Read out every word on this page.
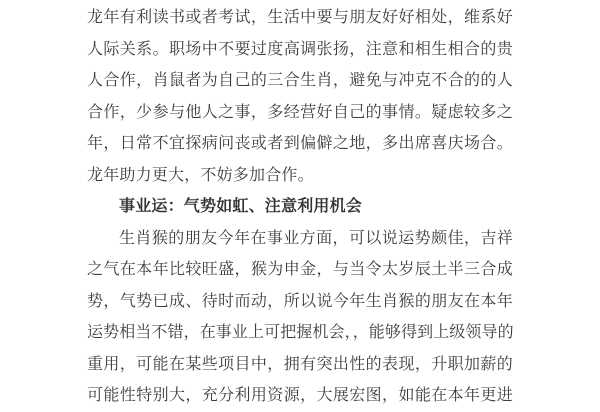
龙年有利读书或者考试，生活中要与朋友好好相处，维系好
人际关系。职场中不要过度高调张扬，注意和相生相合的贵
人合作，肖鼠者为自己的三合生肖，避免与冲克不合的的人
合作，少参与他人之事，多经营好自己的事情。疑虑较多之
年，日常不宜探病问丧或者到偏僻之地，多出席喜庆场合。
龙年助力更大，不妨多加合作。
事业运：气势如虹、注意利用机会
生肖猴的朋友今年在事业方面，可以说运势颇佳，吉祥
之气在本年比较旺盛，猴为申金，与当令太岁辰土半三合成
势，气势已成、待时而动，所以说今年生肖猴的朋友在本年
运势相当不错，在事业上可把握机会，，能够得到上级领导的
重用，可能在某些项目中，拥有突出性的表现，升职加薪的
可能性特别大，充分利用资源，大展宏图，如能在本年更进
